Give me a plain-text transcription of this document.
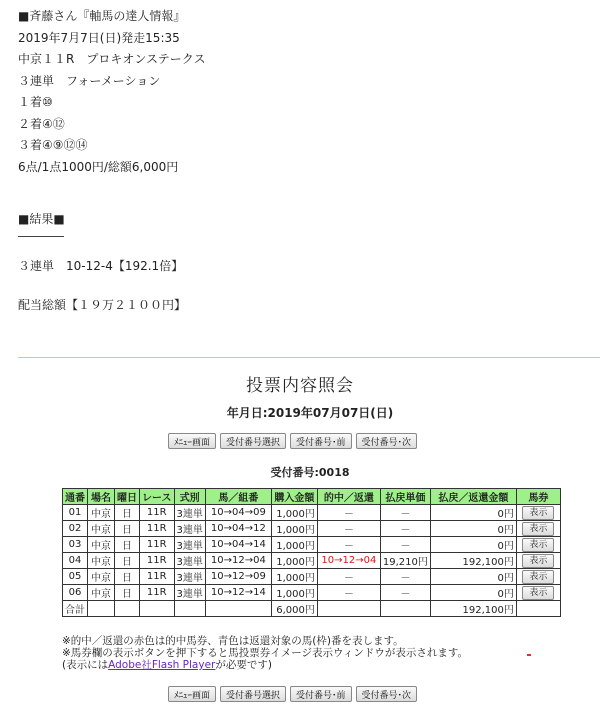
■斉藤さん『軸馬の達人情報』
2019年7月7日(日)発走15:35
中京１１R　プロキオンステークス
３連単　フォーメーション
１着⑩
２着④⑫
３着④⑨⑫⑭
6点/1点1000円/総額6,000円
■結果■
３連単　10-12-4【192.1倍】
配当総額【１９万２１００円】
投票内容照会
年月日:2019年07月07日(日)
ﾒﾆｭｰ画面	受付番号選択	受付番号･前	受付番号･次
受付番号:0018
通番	場名	曜日	レース	式別	馬／組番	購入金額	的中／返還	払戻単価	払戻／返還金額	馬券
01	中京	日	11R	3連単	10→04→09	1,000円	－	－	0円	表示
02	中京	日	11R	3連単	10→04→12	1,000円	－	－	0円	表示
03	中京	日	11R	3連単	10→04→14	1,000円	－	－	0円	表示
04	中京	日	11R	3連単	10→12→04	1,000円	10→12→04	19,210円	192,100円	表示
05	中京	日	11R	3連単	10→12→09	1,000円	－	－	0円	表示
06	中京	日	11R	3連単	10→12→14	1,000円	－	－	0円	表示
合計						6,000円			192,100円	
※的中／返還の赤色は的中馬券、青色は返還対象の馬(枠)番を表します。
※馬券欄の表示ボタンを押下すると馬投票券イメージ表示ウィンドウが表示されます。
(表示にはAdobe社Flash Playerが必要です)
ﾒﾆｭｰ画面	受付番号選択	受付番号･前	受付番号･次
